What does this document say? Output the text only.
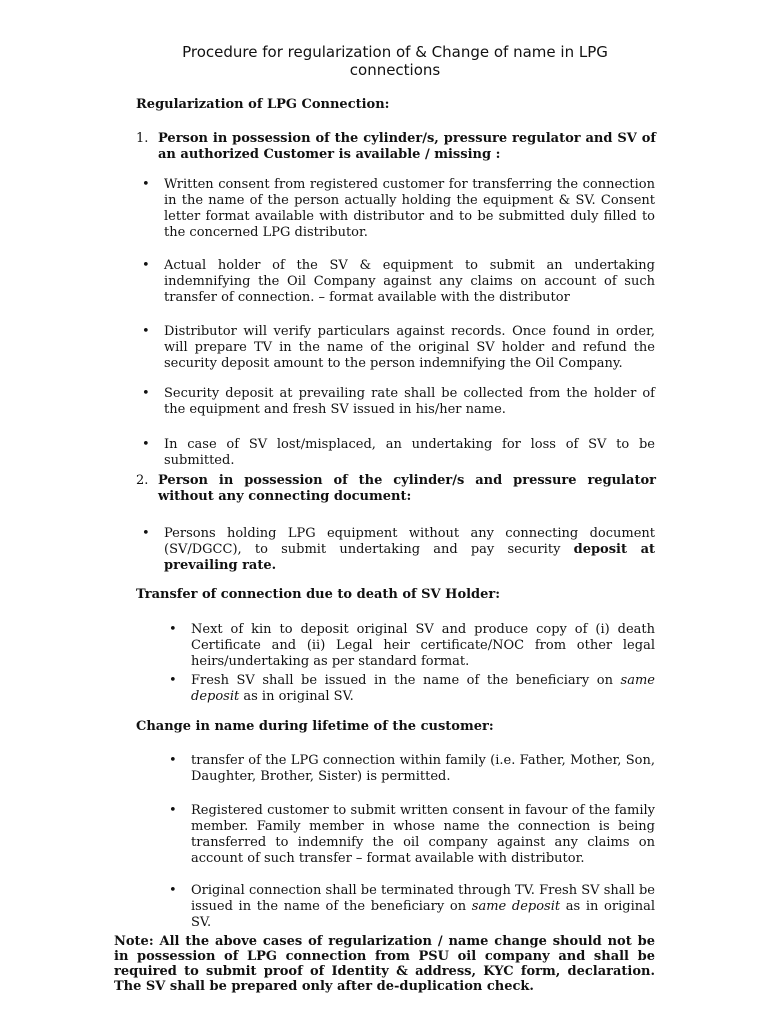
Procedure for regularization of & Change of name in LPG connections
Regularization of LPG Connection:
1. Person in possession of the cylinder/s, pressure regulator and SV of an authorized Customer is available / missing :
• Written consent from registered customer for transferring the connection in the name of the person actually holding the equipment & SV. Consent letter format available with distributor and to be submitted duly filled to the concerned LPG distributor.
• Actual holder of the SV & equipment to submit an undertaking indemnifying the Oil Company against any claims on account of such transfer of connection. – format available with the distributor
• Distributor will verify particulars against records. Once found in order, will prepare TV in the name of the original SV holder and refund the security deposit amount to the person indemnifying the Oil Company.
• Security deposit at prevailing rate shall be collected from the holder of the equipment and fresh SV issued in his/her name.
• In case of SV lost/misplaced, an undertaking for loss of SV to be submitted.
2. Person in possession of the cylinder/s and pressure regulator without any connecting document:
• Persons holding LPG equipment without any connecting document (SV/DGCC), to submit undertaking and pay security deposit at prevailing rate.
Transfer of connection due to death of SV Holder:
• Next of kin to deposit original SV and produce copy of (i) death Certificate and (ii) Legal heir certificate/NOC from other legal heirs/undertaking as per standard format.
• Fresh SV shall be issued in the name of the beneficiary on same deposit as in original SV.
Change in name during lifetime of the customer:
• transfer of the LPG connection within family (i.e. Father, Mother, Son, Daughter, Brother, Sister) is permitted.
• Registered customer to submit written consent in favour of the family member. Family member in whose name the connection is being transferred to indemnify the oil company against any claims on account of such transfer – format available with distributor.
• Original connection shall be terminated through TV. Fresh SV shall be issued in the name of the beneficiary on same deposit as in original SV.
Note: All the above cases of regularization / name change should not be in possession of LPG connection from PSU oil company and shall be required to submit proof of Identity & address, KYC form, declaration. The SV shall be prepared only after de-duplication check.
